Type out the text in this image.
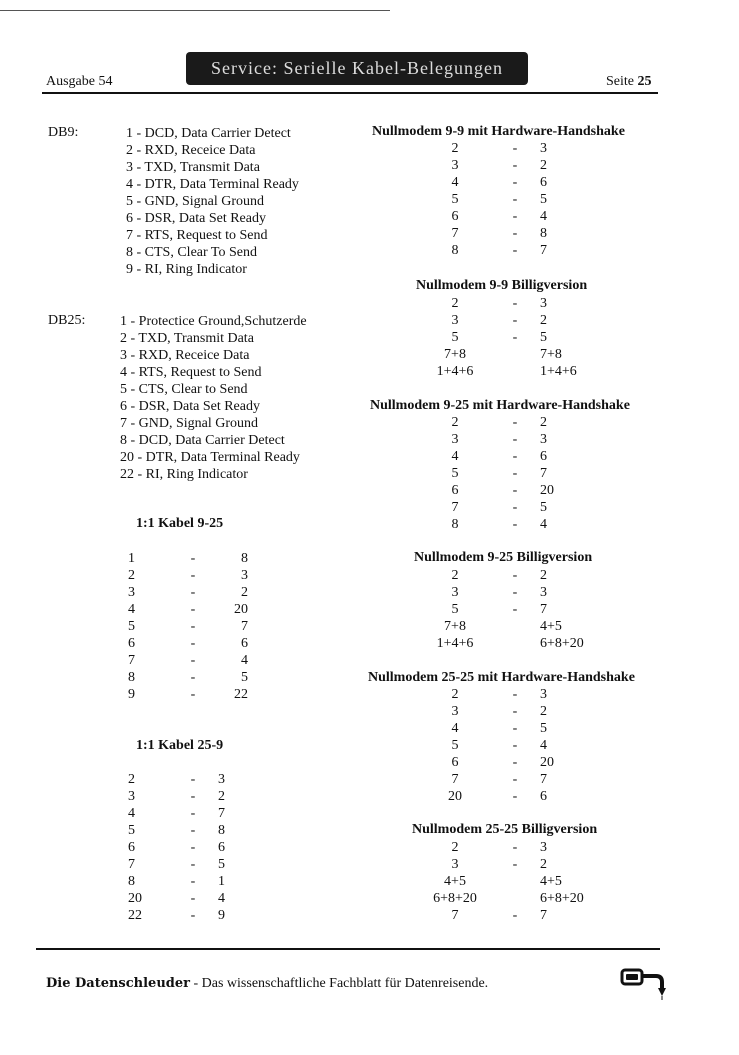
Ausgabe 54
Service: Serielle Kabel-Belegungen
Seite 25
DB9:	1 - DCD, Data Carrier Detect
2 - RXD, Receice Data
3 - TXD, Transmit Data
4 - DTR, Data Terminal Ready
5 - GND, Signal Ground
6 - DSR, Data Set Ready
7 - RTS, Request to Send
8 - CTS, Clear To Send
9 - RI, Ring Indicator
DB25: 1 - Protectice Ground,Schutzerde
2 - TXD, Transmit Data
3 - RXD, Receice Data
4 - RTS, Request to Send
5 - CTS, Clear to Send
6 - DSR, Data Set Ready
7 - GND, Signal Ground
8 - DCD, Data Carrier Detect
20 - DTR, Data Terminal Ready
22 - RI, Ring Indicator
1:1 Kabel 9-25
1	-	8
2	-	3
3	-	2
4	-	20
5	-	7
6	-	6
7	-	4
8	-	5
9	-	22
1:1 Kabel 25-9
2	-	3
3	-	2
4	-	7
5	-	8
6	-	6
7	-	5
8	-	1
20	-	4
22	-	9
Nullmodem 9-9 mit Hardware-Handshake
2	-	3
3	-	2
4	-	6
5	-	5
6	-	4
7	-	8
8	-	7
Nullmodem 9-9 Billigversion
2	-	3
3	-	2
5	-	5
7+8		7+8
1+4+6		1+4+6
Nullmodem 9-25 mit Hardware-Handshake
2	-	2
3	-	3
4	-	6
5	-	7
6	-	20
7	-	5
8	-	4
Nullmodem 9-25 Billigversion
2	-	2
3	-	3
5	-	7
7+8		4+5
1+4+6		6+8+20
Nullmodem 25-25 mit Hardware-Handshake
2	-	3
3	-	2
4	-	5
5	-	4
6	-	20
7	-	7
20	-	6
Nullmodem 25-25 Billigversion
2	-	3
3	-	2
4+5		4+5
6+8+20		6+8+20
7	-	7
Die Datenschleuder - Das wissenschaftliche Fachblatt für Datenreisende.
